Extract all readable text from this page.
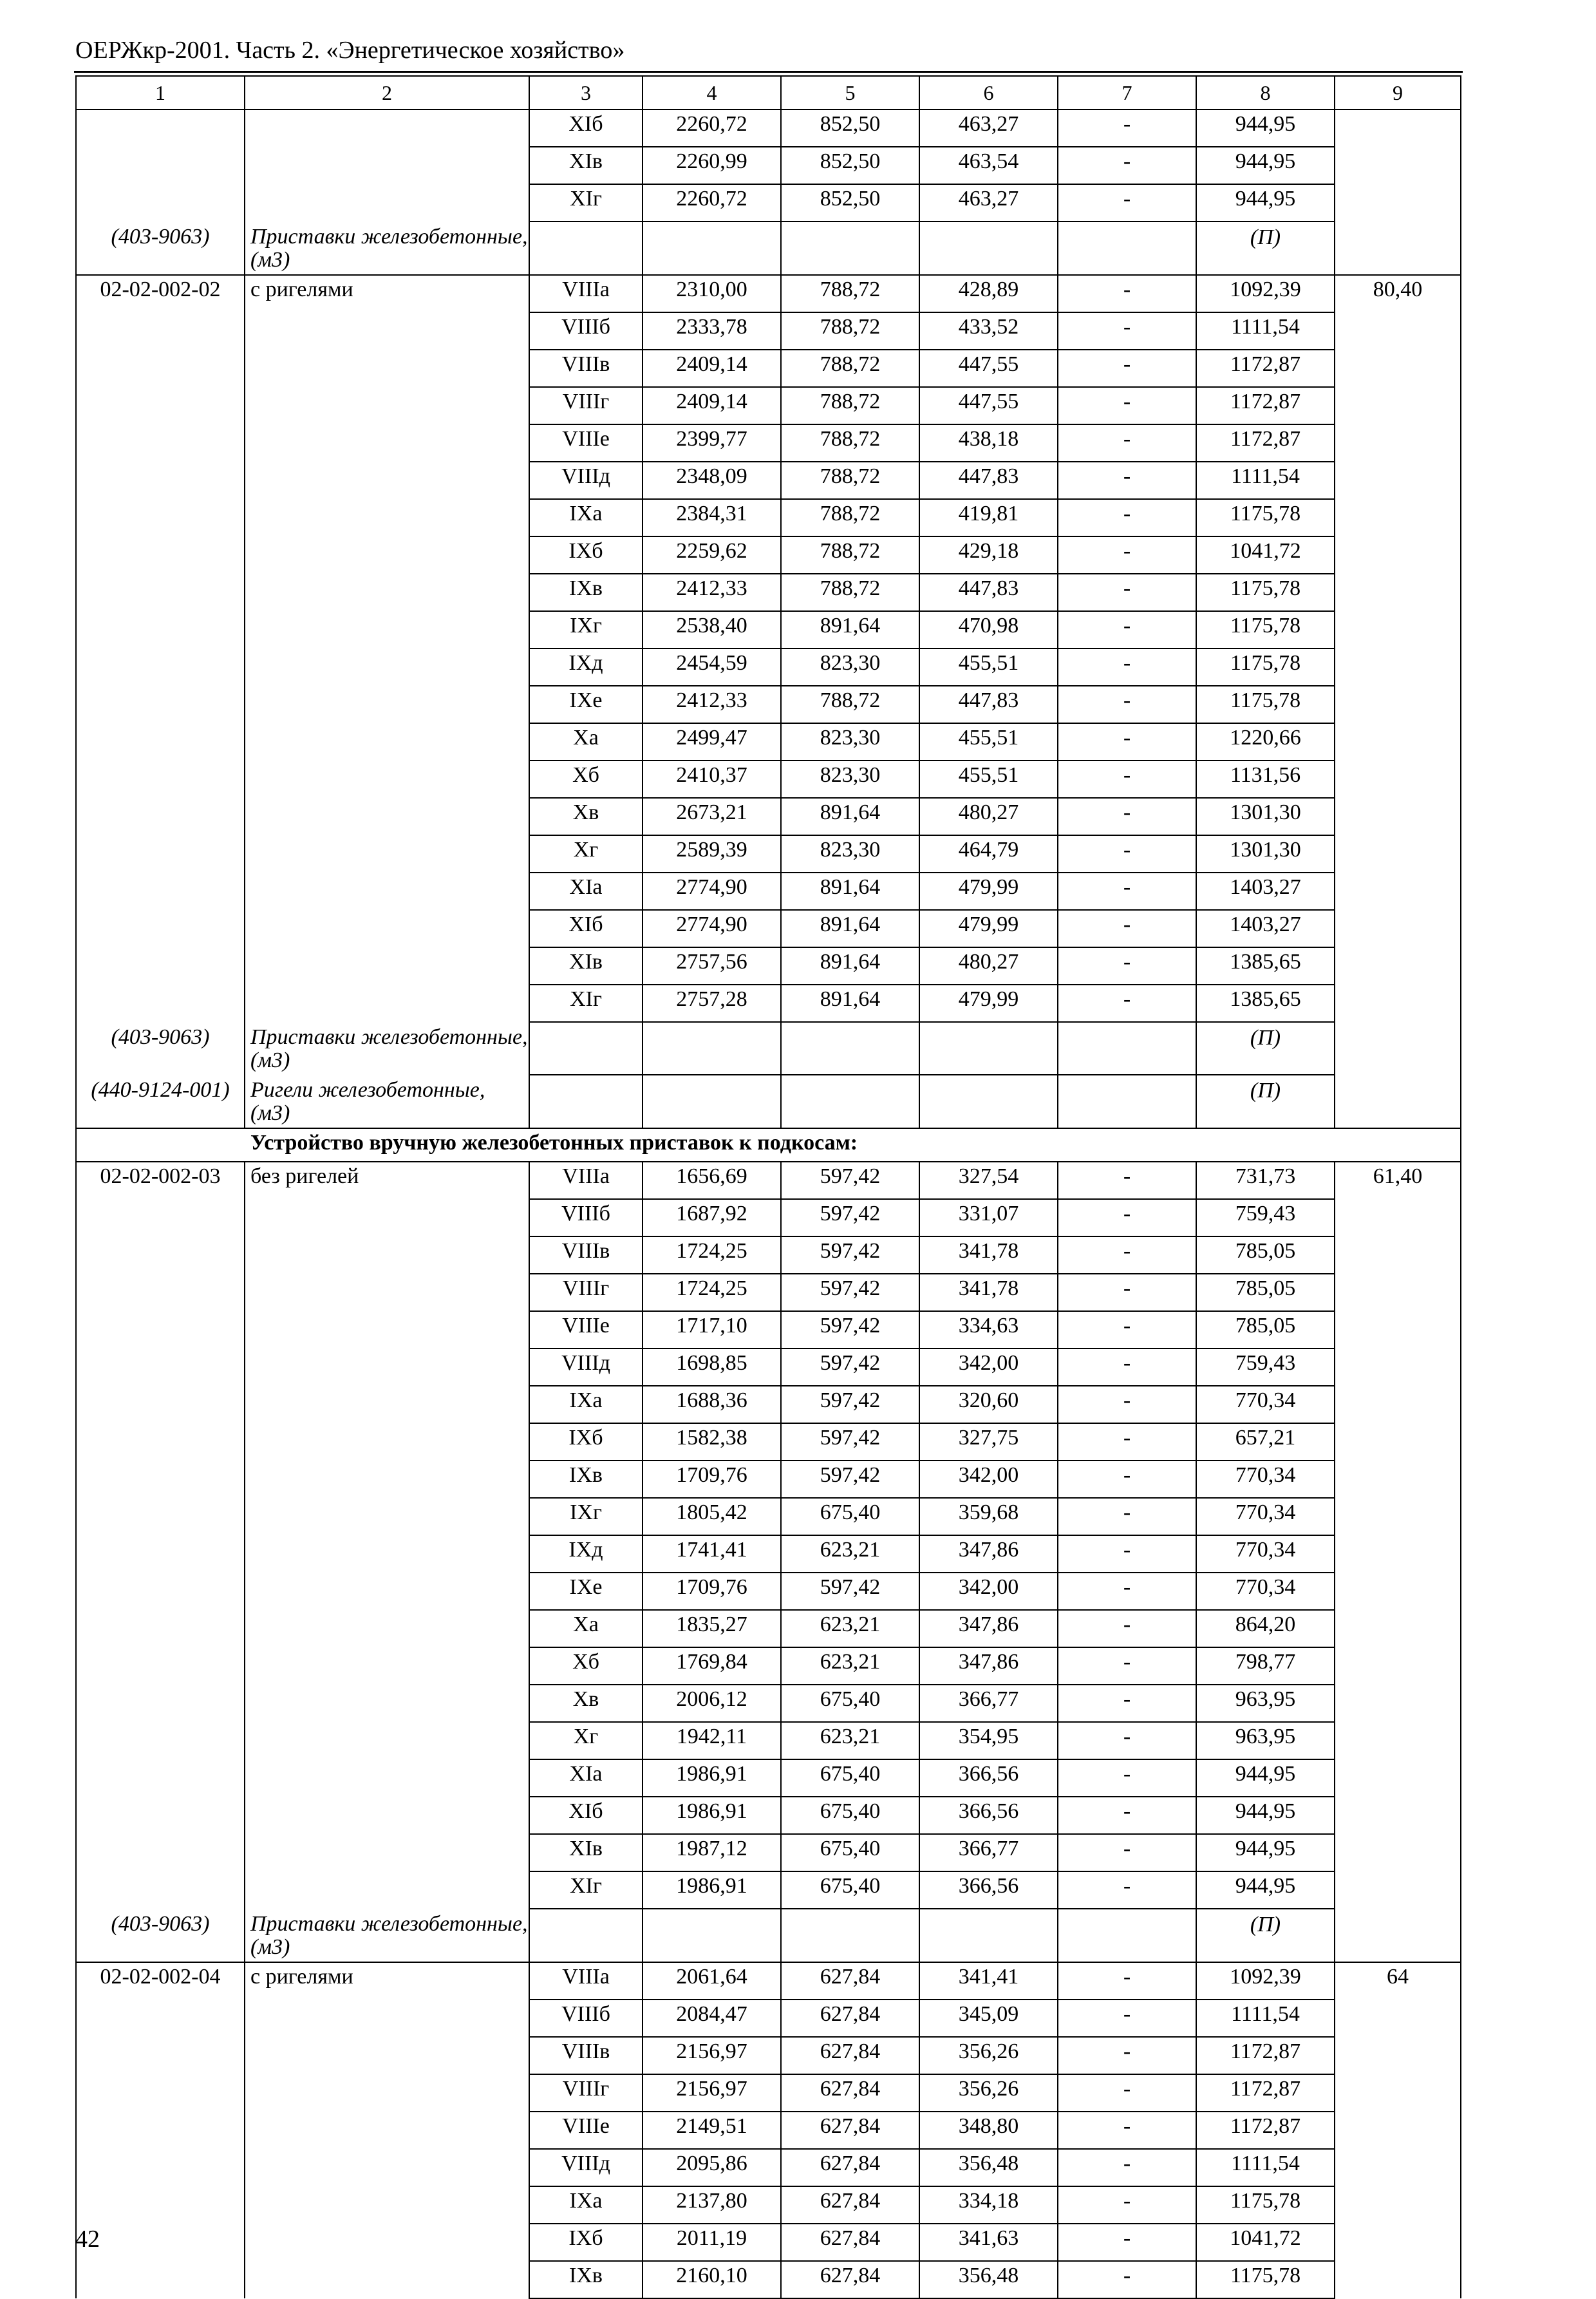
ОЕРЖкр-2001. Часть 2. «Энергетическое хозяйство»
1	2	3	4	5	6	7	8	9
		ХIб	2260,72	852,50	463,27	-	944,95	
		ХIв	2260,99	852,50	463,54	-	944,95	
		ХIг	2260,72	852,50	463,27	-	944,95	
(403-9063)	Приставки железобетонные, (м3)						(П)	
02-02-002-02	с ригелями	VIIIа	2310,00	788,72	428,89	-	1092,39	80,40
		VIIIб	2333,78	788,72	433,52	-	1111,54	
		VIIIв	2409,14	788,72	447,55	-	1172,87	
		VIIIг	2409,14	788,72	447,55	-	1172,87	
		VIIIе	2399,77	788,72	438,18	-	1172,87	
		VIIIд	2348,09	788,72	447,83	-	1111,54	
		IХа	2384,31	788,72	419,81	-	1175,78	
		IХб	2259,62	788,72	429,18	-	1041,72	
		IХв	2412,33	788,72	447,83	-	1175,78	
		IХг	2538,40	891,64	470,98	-	1175,78	
		IХд	2454,59	823,30	455,51	-	1175,78	
		IХе	2412,33	788,72	447,83	-	1175,78	
		Ха	2499,47	823,30	455,51	-	1220,66	
		Хб	2410,37	823,30	455,51	-	1131,56	
		Хв	2673,21	891,64	480,27	-	1301,30	
		Хг	2589,39	823,30	464,79	-	1301,30	
		ХIа	2774,90	891,64	479,99	-	1403,27	
		ХIб	2774,90	891,64	479,99	-	1403,27	
		ХIв	2757,56	891,64	480,27	-	1385,65	
		ХIг	2757,28	891,64	479,99	-	1385,65	
(403-9063)	Приставки железобетонные, (м3)						(П)	
(440-9124-001)	Ригели железобетонные, (м3)						(П)	
Устройство вручную железобетонных приставок к подкосам:								
02-02-002-03	без ригелей	VIIIа	1656,69	597,42	327,54	-	731,73	61,40
		VIIIб	1687,92	597,42	331,07	-	759,43	
		VIIIв	1724,25	597,42	341,78	-	785,05	
		VIIIг	1724,25	597,42	341,78	-	785,05	
		VIIIе	1717,10	597,42	334,63	-	785,05	
		VIIIд	1698,85	597,42	342,00	-	759,43	
		IХа	1688,36	597,42	320,60	-	770,34	
		IХб	1582,38	597,42	327,75	-	657,21	
		IХв	1709,76	597,42	342,00	-	770,34	
		IХг	1805,42	675,40	359,68	-	770,34	
		IХд	1741,41	623,21	347,86	-	770,34	
		IХе	1709,76	597,42	342,00	-	770,34	
		Ха	1835,27	623,21	347,86	-	864,20	
		Хб	1769,84	623,21	347,86	-	798,77	
		Хв	2006,12	675,40	366,77	-	963,95	
		Хг	1942,11	623,21	354,95	-	963,95	
		ХIа	1986,91	675,40	366,56	-	944,95	
		ХIб	1986,91	675,40	366,56	-	944,95	
		ХIв	1987,12	675,40	366,77	-	944,95	
		ХIг	1986,91	675,40	366,56	-	944,95	
(403-9063)	Приставки железобетонные, (м3)						(П)	
02-02-002-04	с ригелями	VIIIа	2061,64	627,84	341,41	-	1092,39	64
		VIIIб	2084,47	627,84	345,09	-	1111,54	
		VIIIв	2156,97	627,84	356,26	-	1172,87	
		VIIIг	2156,97	627,84	356,26	-	1172,87	
		VIIIе	2149,51	627,84	348,80	-	1172,87	
		VIIIд	2095,86	627,84	356,48	-	1111,54	
		IХа	2137,80	627,84	334,18	-	1175,78	
		IХб	2011,19	627,84	341,63	-	1041,72	
		IХв	2160,10	627,84	356,48	-	1175,78	
42
